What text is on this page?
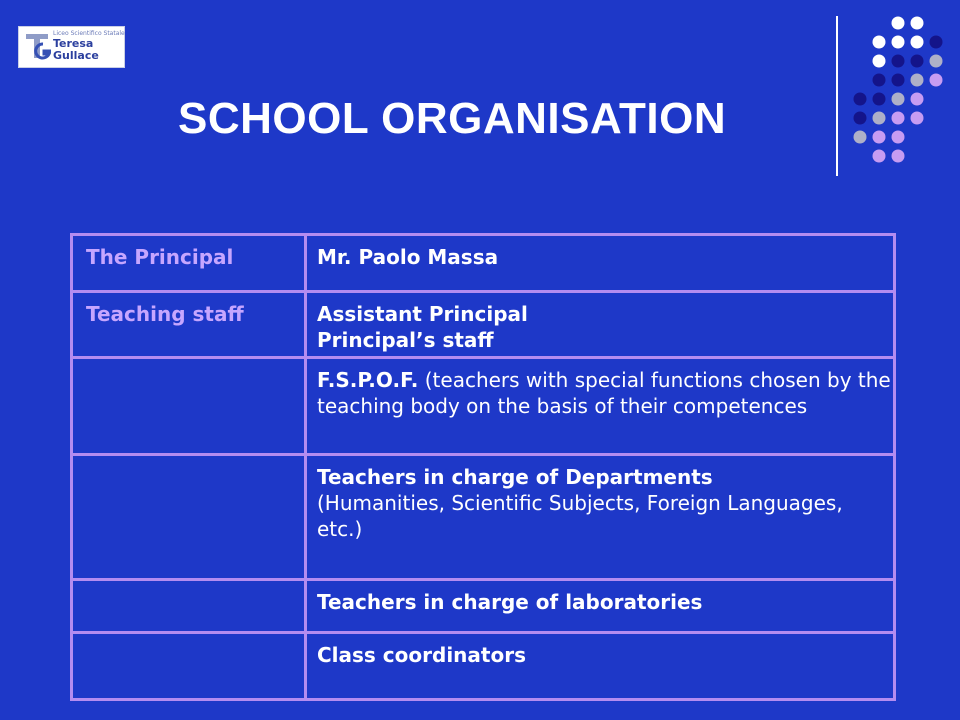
Liceo Scientifico Statale
Teresa
Gullace
SCHOOL ORGANISATION
The Principal	Mr. Paolo Massa
Teaching staff	Assistant Principal
Principal’s staff

	F.S.P.O.F. (teachers with special functions chosen by the teaching body on the basis of their competences

	Teachers in charge of Departments
(Humanities, Scientific Subjects, Foreign Languages, etc.)

	Teachers in charge of laboratories
	Class coordinators
